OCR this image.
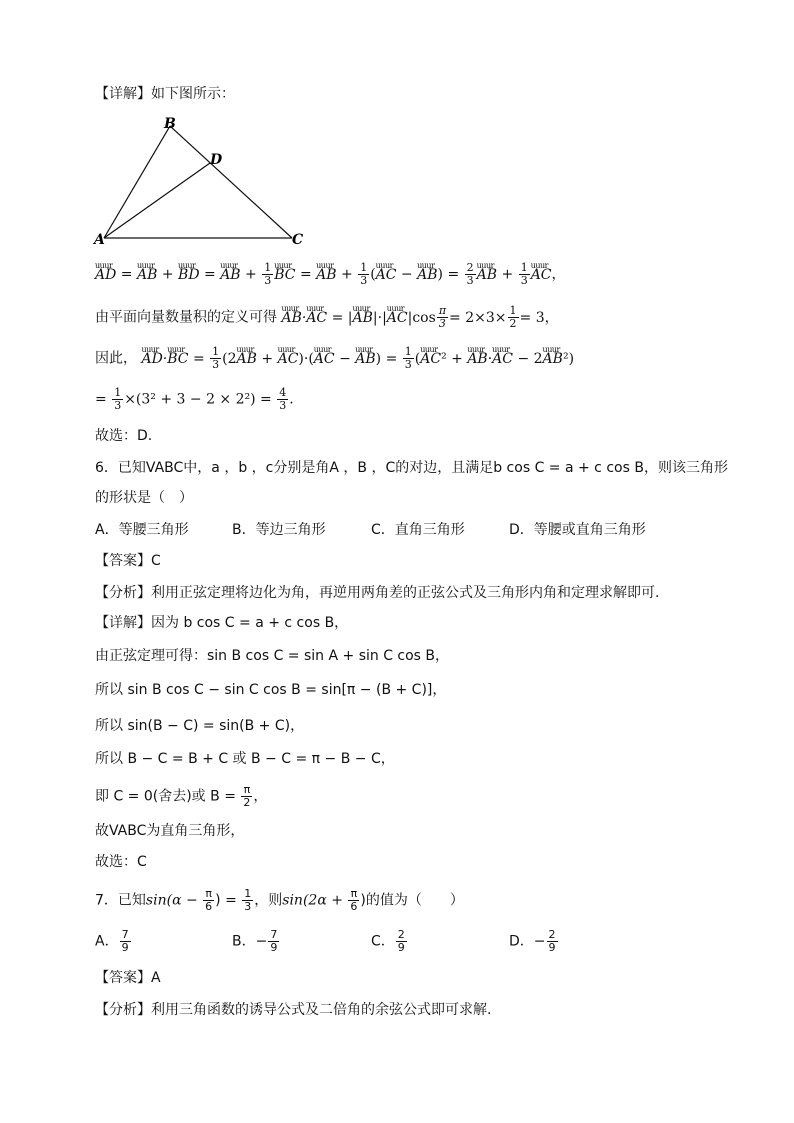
【详解】如下图所示：
B
D
A	C
uuur AD = uuur AB + uuur BD = uuur AB + $\frac{1}{3}$ uuur BC = uuur AB + $\frac{1}{3}$ (uuur AC − uuur $AB) = \frac{2}{3}$ uuur AB + $\frac{1}{3}$ uuur AC，
由平面向量数量积的定义可得 uuur AB·uuur AC = |uuur AB|·|uuur $AC|\cos \frac{\pi}{3} = 2\times 3\times \frac{1}{2} = 3$，
因此， uuur AD·uuur BC = $\frac{1}{3}$ (2uuur AB + uuur AC)·(uuur AC − uuur $AB) = \frac{1}{3}$ (uuur AC² + uuur AB·uuur AC − 2uuur AB²)
= $\frac{1}{3} \times(3^2 + 3 - 2 \times 2^2) = \frac{4}{3}$ .
故选：D.
6．已知VABC中，a ，b ，c分别是角A ，B ，C的对边，且满足b cos C = a + c cos B，则该三角形
的形状是（　）
A．等腰三角形	B．等边三角形	C．直角三角形	D．等腰或直角三角形
【答案】C
【分析】利用正弦定理将边化为角，再逆用两角差的正弦公式及三角形内角和定理求解即可.
【详解】因为 b cos C = a + c cos B，
由正弦定理可得：sin B cos C = sin A + sin C cos B，
所以 sin B cos C − sin C cos B = sin[π − (B + C)]，
所以 sin(B − C) = sin(B + C)，
所以 B − C = B + C 或 B − C = π − B − C，
即 C = 0(舍去)或 $B = \frac{\pi}{2}$ ，
故VABC为直角三角形，
故选：C
7．已知$\sin(\alpha - \frac{\pi}{6}$ ) = $\frac{1}{3}$ ，则$\sin(2\alpha + \frac{\pi}{6}$ )的值为（　　）
A． $\frac{7}{9}$	B．− $\frac{7}{9}$	C． $\frac{2}{9}$	D．− $\frac{2}{9}$
【答案】A
【分析】利用三角函数的诱导公式及二倍角的余弦公式即可求解.
